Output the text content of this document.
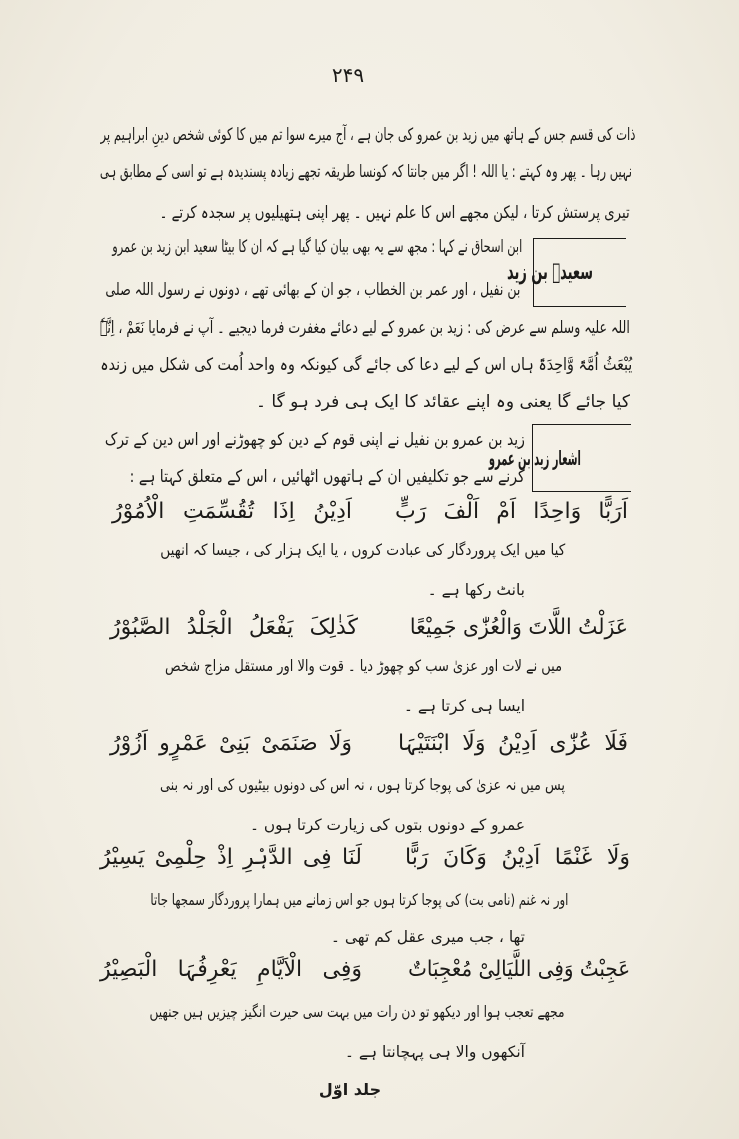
۲۴۹
ذات کی قسم جس کے ہاتھ میں زید بن عمرو کی جان ہے ، آج میرے سوا تم میں کا کوئی شخص دینِ ابراہیم پر
نہیں رہا ۔ پھر وہ کہتے : یا اللہ ! اگر میں جانتا کہ کونسا طریقہ تجھے زیادہ پسندیدہ ہے تو اسی کے مطابق ہی
تیری پرستش کرتا ، لیکن مجھے اس کا علم نہیں ۔ پھر اپنی ہتھیلیوں پر سجدہ کرتے ۔
سعیدؓ بن زید
ابن اسحاق نے کہا : مجھ سے یہ بھی بیان کیا گیا ہے کہ ان کا بیٹا سعید ابن زید بن عمرو
بن نفیل ، اور عمر بن الخطاب ، جو ان کے بھائی تھے ، دونوں نے رسول اللہ صلی
اللہ علیہ وسلم سے عرض کی : زید بن عمرو کے لیے دعائے مغفرت فرما دیجیے ۔ آپ نے فرمایا نَعَمْ ، اِنَّہٗ
یُبْعَثُ اُمَّۃً وَّاحِدَۃً ہاں اس کے لیے دعا کی جائے گی کیونکہ وہ واحد اُمت کی شکل میں زندہ
کیا جائے گا یعنی وہ اپنے عقائد کا ایک ہی فرد ہو گا ۔
اشعار زید بن عمرو
زید بن عمرو بن نفیل نے اپنی قوم کے دین کو چھوڑنے اور اس دین کے ترک
کرنے سے جو تکلیفیں ان کے ہاتھوں اٹھائیں ، اس کے متعلق کہتا ہے :
اَرَبًّا وَاحِدًا اَمْ اَلْفَ رَبٍّ
اَدِیْنُ اِذَا تُقُسِّمَتِ الْاُمُوْرُ
کیا میں ایک پروردگار کی عبادت کروں ، یا ایک ہزار کی ، جیسا کہ انھیں
بانٹ رکھا ہے ۔
عَزَلْتُ اللَّاتَ وَالْعُزّٰی جَمِیْعًا
کَذٰلِکَ یَفْعَلُ الْجَلْدُ الصَّبُوْرُ
میں نے لات اور عزیٰ سب کو چھوڑ دیا ۔ قوت والا اور مستقل مزاج شخص
ایسا ہی کرتا ہے ۔
فَلَا عُزّٰی اَدِیْنُ وَلَا ابْنَتَیْہَا
وَلَا صَنَمَیْ بَنِیْ عَمْرٍو اَزُوْرُ
پس میں نہ عزیٰ کی پوجا کرتا ہوں ، نہ اس کی دونوں بیٹیوں کی اور نہ بنی
عمرو کے دونوں بتوں کی زیارت کرتا ہوں ۔
وَلَا غَنْمًا اَدِیْنُ وَکَانَ رَبًّا
لَنَا فِی الدَّہْرِ اِذْ حِلْمِیْ یَسِیْرُ
اور نہ غنم (نامی بت) کی پوجا کرتا ہوں جو اس زمانے میں ہمارا پروردگار سمجھا جاتا
تھا ، جب میری عقل کم تھی ۔
عَجِبْتُ وَفِی اللَّیَالِیْ مُعْجِبَاتٌ
وَفِی الْاَیَّامِ یَعْرِفُہَا الْبَصِیْرُ
مجھے تعجب ہوا اور دیکھو تو دن رات میں بہت سی حیرت انگیز چیزیں ہیں جنھیں
آنکھوں والا ہی پہچانتا ہے ۔
جلد اوّل
